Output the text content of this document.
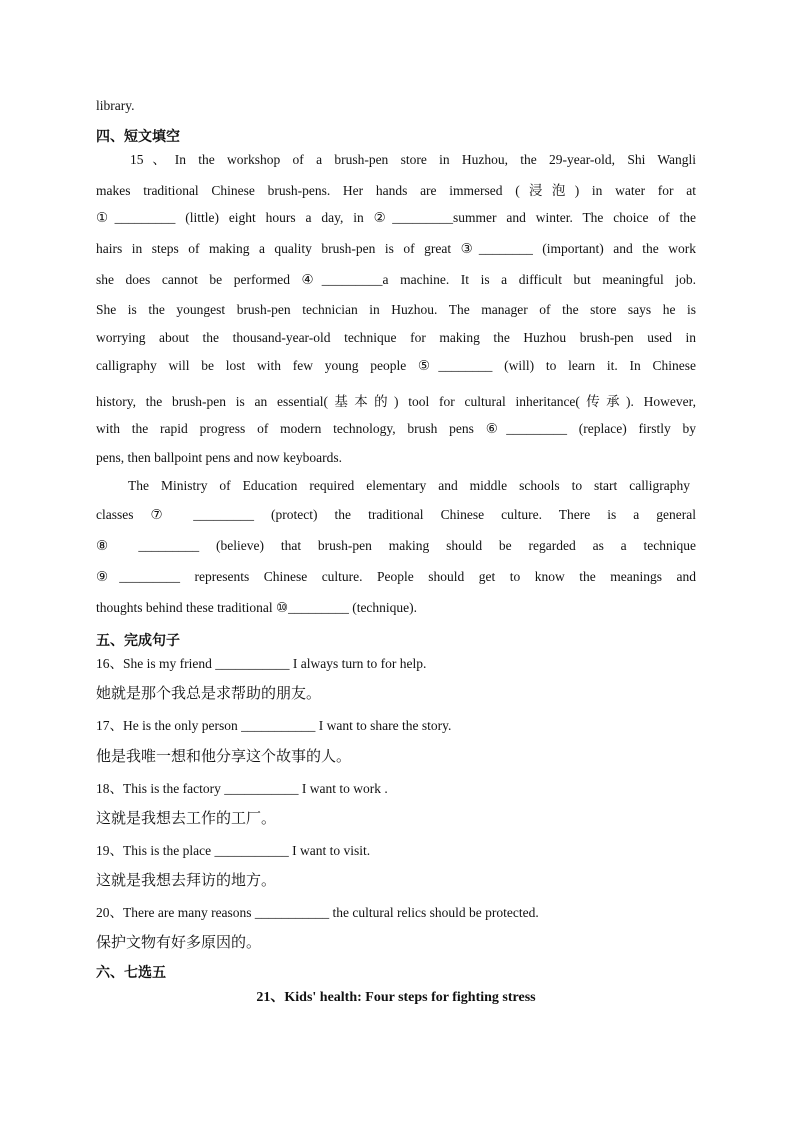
library.
四、短文填空
15、In the workshop of a brush-pen store in Huzhou, the 29-year-old, Shi Wangli
makes traditional Chinese brush-pens. Her hands are immersed (浸泡) in water for at
①_________ (little) eight hours a day, in ②_________summer and winter. The choice of the
hairs in steps of making a quality brush-pen is of great ③________ (important) and the work
she does cannot be performed ④_________a machine. It is a difficult but meaningful job.
She is the youngest brush-pen technician in Huzhou. The manager of the store says he is
worrying about the thousand-year-old technique for making the Huzhou brush-pen used in
calligraphy will be lost with few young people ⑤________ (will) to learn it. In Chinese
history, the brush-pen is an essential(基本的) tool for cultural inheritance(传承). However,
with the rapid progress of modern technology, brush pens ⑥_________ (replace) firstly by
pens, then ballpoint pens and now keyboards.
The Ministry of Education required elementary and middle schools to start calligraphy
classes ⑦ _________ (protect) the traditional Chinese culture. There is a general
⑧ _________ (believe) that brush-pen making should be regarded as a technique
⑨_________ represents Chinese culture. People should get to know the meanings and
thoughts behind these traditional ⑩_________ (technique).
五、完成句子
16、She is my friend ___________ I always turn to for help.
她就是那个我总是求帮助的朋友。
17、He is the only person ___________ I want to share the story.
他是我唯一想和他分享这个故事的人。
18、This is the factory ___________ I want to work .
这就是我想去工作的工厂。
19、This is the place ___________ I want to visit.
这就是我想去拜访的地方。
20、There are many reasons ___________ the cultural relics should be protected.
保护文物有好多原因的。
六、七选五
21、Kids' health: Four steps for fighting stress
